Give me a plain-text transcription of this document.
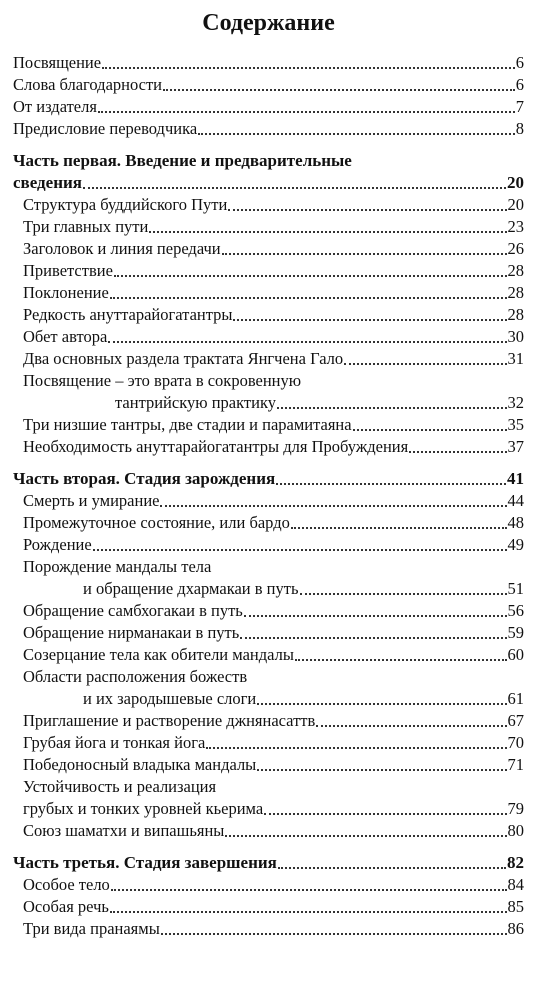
Содержание
Посвящение	6
Слова благодарности	6
От издателя	7
Предисловие переводчика	8
Часть первая. Введение и предварительные
сведения	20
Структура буддийского Пути	20
Три главных пути	23
Заголовок и линия передачи	26
Приветствие	28
Поклонение	28
Редкость ануттарайогатантры	28
Обет автора	30
Два основных раздела трактата Янгчена Гало	31
Посвящение – это врата в сокровенную
тантрийскую практику	32
Три низшие тантры, две стадии и парамитаяна	35
Необходимость ануттарайогатантры для Пробуждения	37
Часть вторая. Стадия зарождения	41
Смерть и умирание	44
Промежуточное состояние, или бардо	48
Рождение	49
Порождение мандалы тела
и обращение дхармакаи в путь	51
Обращение самбхогакаи в путь	56
Обращение нирманакаи в путь	59
Созерцание тела как обители мандалы	60
Области расположения божеств
и их зародышевые слоги	61
Приглашение и растворение джнянасаттв	67
Грубая йога и тонкая йога	70
Победоносный владыка мандалы	71
Устойчивость и реализация
грубых и тонких уровней кьерима	79
Союз шаматхи и випашьяны	80
Часть третья. Стадия завершения	82
Особое тело	84
Особая речь	85
Три вида пранаямы	86
